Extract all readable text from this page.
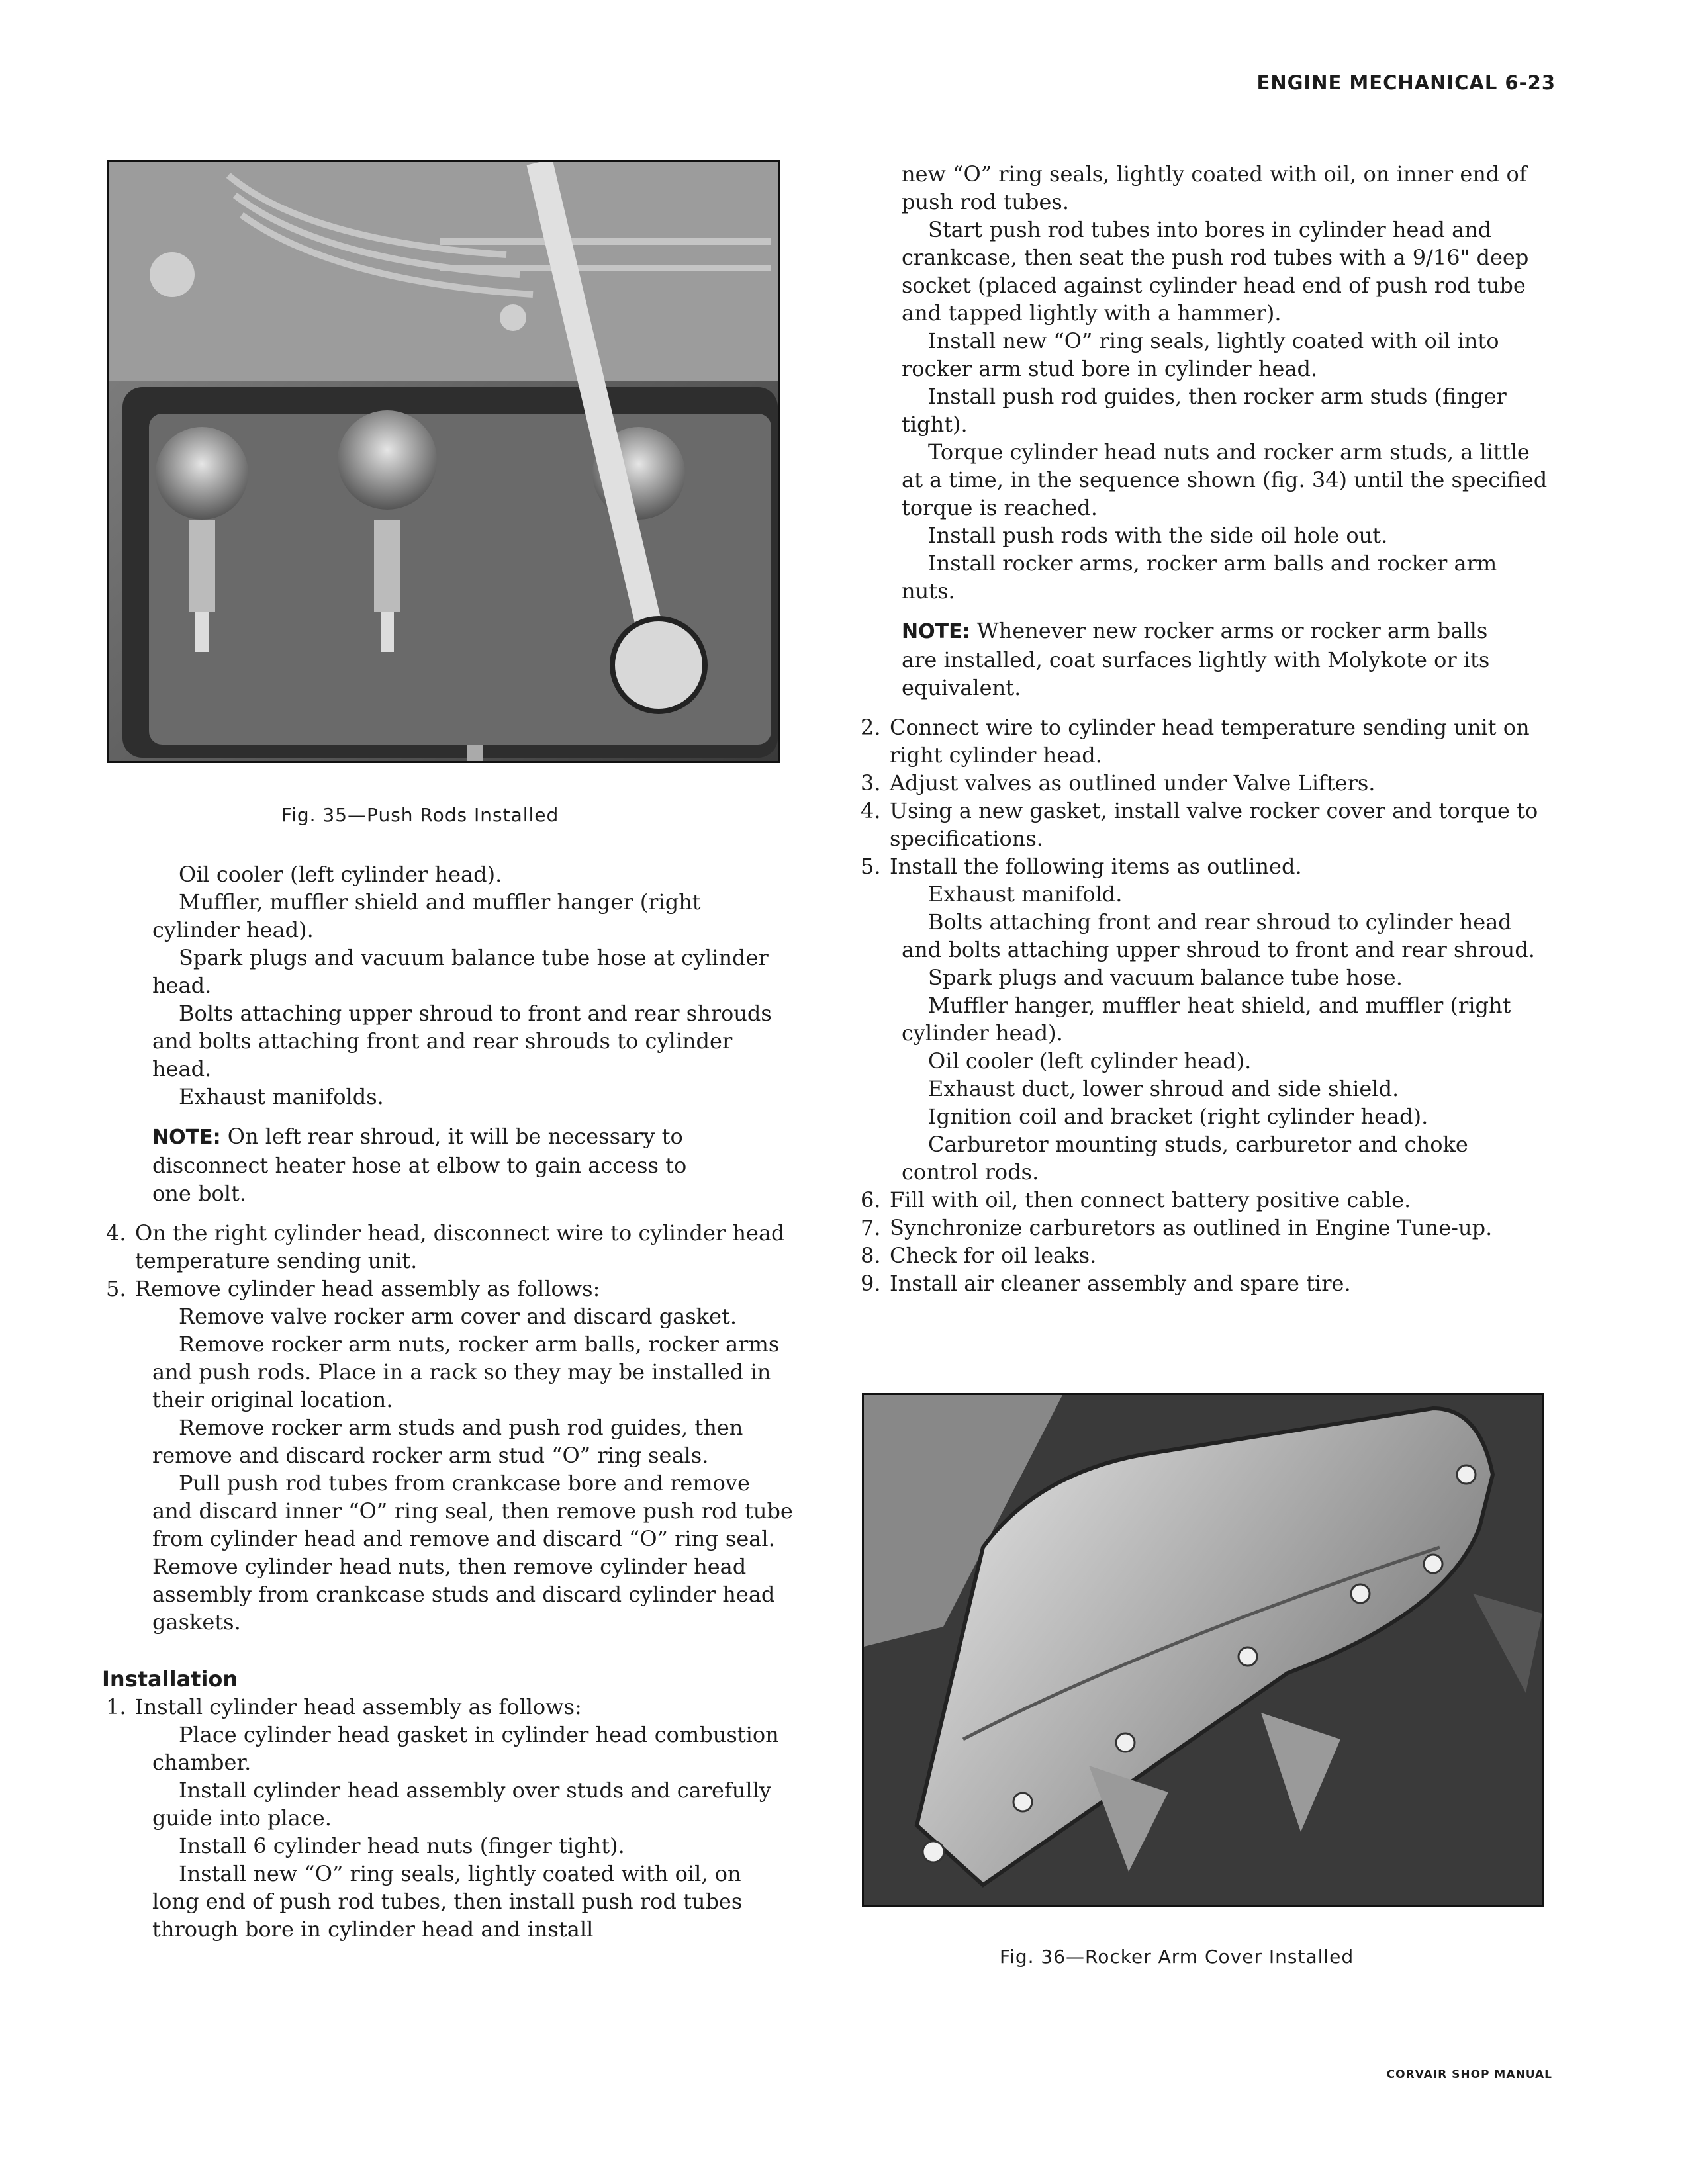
ENGINE MECHANICAL 6-23
Fig. 35—Push Rods Installed

Oil cooler (left cylinder head).

Muffler, muffler shield and muffler hanger (right cylinder head).

Spark plugs and vacuum balance tube hose at cylinder head.

Bolts attaching upper shroud to front and rear shrouds and bolts attaching front and rear shrouds to cylinder head.

Exhaust manifolds.

NOTE: On left rear shroud, it will be necessary to disconnect heater hose at elbow to gain access to one bolt.

4. On the right cylinder head, disconnect wire to cylinder head temperature sending unit.
5. Remove cylinder head assembly as follows:

Remove valve rocker arm cover and discard gasket.

Remove rocker arm nuts, rocker arm balls, rocker arms and push rods. Place in a rack so they may be installed in their original location.

Remove rocker arm studs and push rod guides, then remove and discard rocker arm stud “O” ring seals.

Pull push rod tubes from crankcase bore and remove and discard inner “O” ring seal, then remove push rod tube from cylinder head and remove and discard “O” ring seal. Remove cylinder head nuts, then remove cylinder head assembly from crankcase studs and discard cylinder head gaskets.

Installation

1. Install cylinder head assembly as follows:

Place cylinder head gasket in cylinder head combustion chamber.

Install cylinder head assembly over studs and carefully guide into place.

Install 6 cylinder head nuts (finger tight).

Install new “O” ring seals, lightly coated with oil, on long end of push rod tubes, then install push rod tubes through bore in cylinder head and install

new “O” ring seals, lightly coated with oil, on inner end of push rod tubes.

Start push rod tubes into bores in cylinder head and crankcase, then seat the push rod tubes with a 9/16" deep socket (placed against cylinder head end of push rod tube and tapped lightly with a hammer).

Install new “O” ring seals, lightly coated with oil into rocker arm stud bore in cylinder head.

Install push rod guides, then rocker arm studs (finger tight).

Torque cylinder head nuts and rocker arm studs, a little at a time, in the sequence shown (fig. 34) until the specified torque is reached.

Install push rods with the side oil hole out.

Install rocker arms, rocker arm balls and rocker arm nuts.

NOTE: Whenever new rocker arms or rocker arm balls are installed, coat surfaces lightly with Molykote or its equivalent.

2. Connect wire to cylinder head temperature sending unit on right cylinder head.
3. Adjust valves as outlined under Valve Lifters.
4. Using a new gasket, install valve rocker cover and torque to specifications.
5. Install the following items as outlined.

Exhaust manifold.

Bolts attaching front and rear shroud to cylinder head and bolts attaching upper shroud to front and rear shroud.

Spark plugs and vacuum balance tube hose.

Muffler hanger, muffler heat shield, and muffler (right cylinder head).

Oil cooler (left cylinder head).

Exhaust duct, lower shroud and side shield.

Ignition coil and bracket (right cylinder head).

Carburetor mounting studs, carburetor and choke control rods.

6. Fill with oil, then connect battery positive cable.
7. Synchronize carburetors as outlined in Engine Tune-up.
8. Check for oil leaks.
9. Install air cleaner assembly and spare tire.
Fig. 36—Rocker Arm Cover Installed
CORVAIR SHOP MANUAL
